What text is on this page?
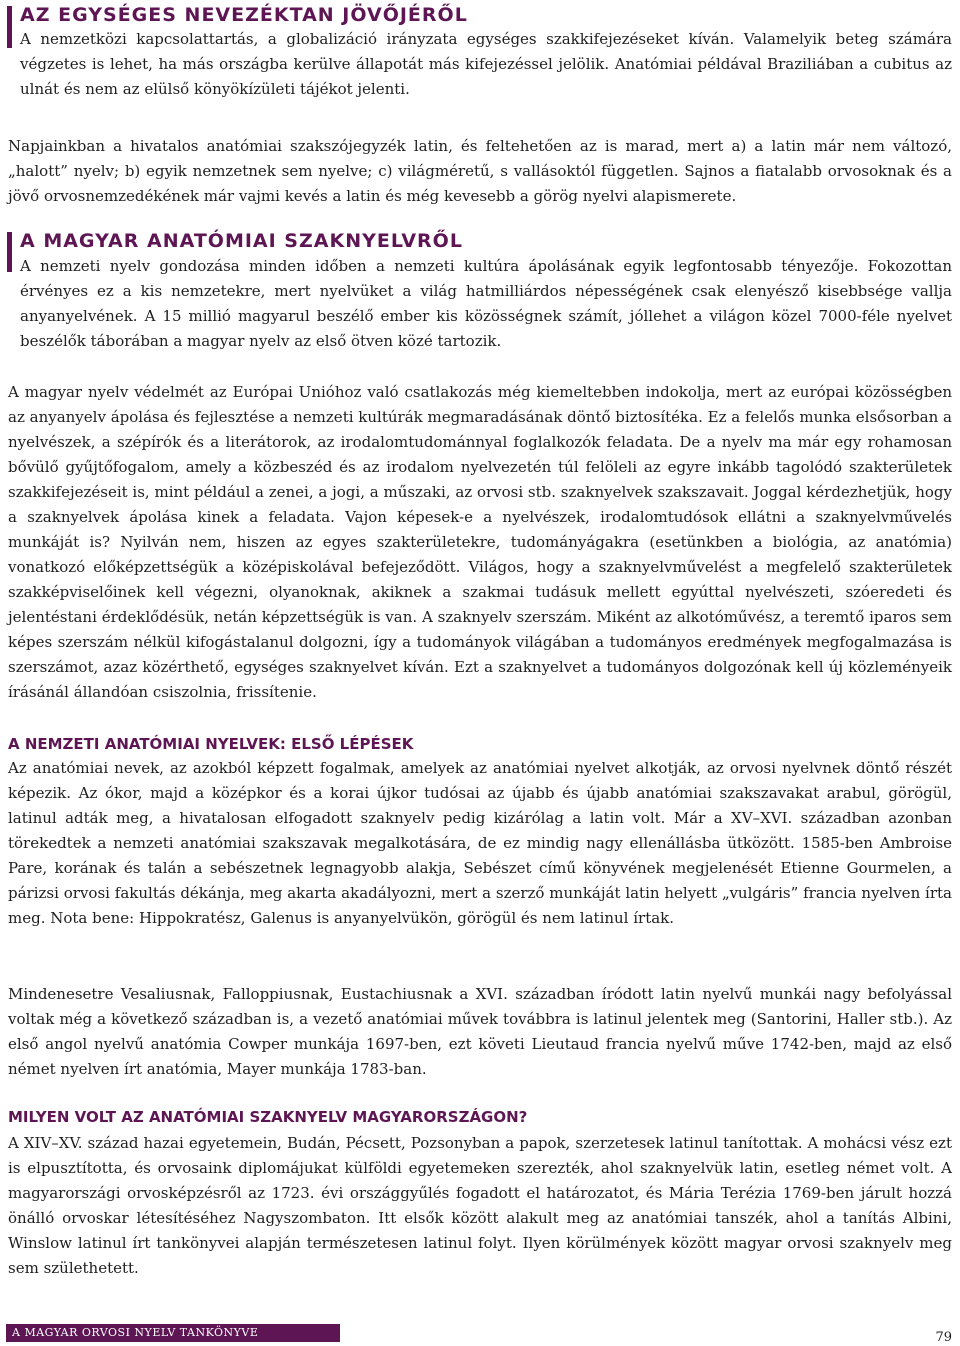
AZ EGYSÉGES NEVEZÉKTAN JÖVŐJÉRŐL

A nemzetközi kapcsolattartás, a globalizáció irányzata egységes szakkifejezéseket kíván. Valamelyik beteg számára végzetes is lehet, ha más országba kerülve állapotát más kifejezéssel jelölik. Anatómiai példával Braziliában a cubitus az ulnát és nem az elülső könyökízületi tájékot jelenti.

Napjainkban a hivatalos anatómiai szakszójegyzék latin, és feltehetően az is marad, mert a) a latin már nem változó, „halott” nyelv; b) egyik nemzetnek sem nyelve; c) világméretű, s vallásoktól független. Sajnos a fiatalabb orvosoknak és a jövő orvosnemzedékének már vajmi kevés a latin és még kevesebb a görög nyelvi alapismerete.

A MAGYAR ANATÓMIAI SZAKNYELVRŐL

A nemzeti nyelv gondozása minden időben a nemzeti kultúra ápolásának egyik legfontosabb tényezője. Fokozottan érvényes ez a kis nemzetekre, mert nyelvüket a világ hatmilliárdos népességének csak elenyésző kisebbsége vallja anyanyelvének. A 15 millió magyarul beszélő ember kis közösségnek számít, jóllehet a világon közel 7000-féle nyelvet beszélők táborában a magyar nyelv az első ötven közé tartozik.

A magyar nyelv védelmét az Európai Unióhoz való csatlakozás még kiemeltebben indokolja, mert az európai közösségben az anyanyelv ápolása és fejlesztése a nemzeti kultúrák megmaradásának döntő biztosítéka. Ez a felelős munka elsősorban a nyelvészek, a szépírók és a literátorok, az irodalomtudománnyal foglalkozók feladata. De a nyelv ma már egy rohamosan bővülő gyűjtőfogalom, amely a közbeszéd és az irodalom nyelvezetén túl felöleli az egyre inkább tagolódó szakterületek szakkifejezéseit is, mint például a zenei, a jogi, a műszaki, az orvosi stb. szaknyelvek szakszavait. Joggal kérdezhetjük, hogy a szaknyelvek ápolása kinek a feladata. Vajon képesek-e a nyelvészek, irodalomtudósok ellátni a szaknyelvművelés munkáját is? Nyilván nem, hiszen az egyes szakterületekre, tudományágakra (esetünkben a biológia, az anatómia) vonatkozó előképzettségük a középiskolával befejeződött. Világos, hogy a szaknyelvművelést a megfelelő szakterületek szakképviselőinek kell végezni, olyanoknak, akiknek a szakmai tudásuk mellett egyúttal nyelvészeti, szóeredeti és jelentéstani érdeklődésük, netán képzettségük is van. A szaknyelv szerszám. Miként az alkotóművész, a teremtő iparos sem képes szerszám nélkül kifogástalanul dolgozni, így a tudományok világában a tudományos eredmények megfogalmazása is szerszámot, azaz közérthető, egységes szaknyelvet kíván. Ezt a szaknyelvet a tudományos dolgozónak kell új közleményeik írásánál állandóan csiszolnia, frissítenie.

A NEMZETI ANATÓMIAI NYELVEK: ELSŐ LÉPÉSEK

Az anatómiai nevek, az azokból képzett fogalmak, amelyek az anatómiai nyelvet alkotják, az orvosi nyelvnek döntő részét képezik. Az ókor, majd a középkor és a korai újkor tudósai az újabb és újabb anatómiai szakszavakat arabul, görögül, latinul adták meg, a hivatalosan elfogadott szaknyelv pedig kizárólag a latin volt. Már a XV–XVI. században azonban törekedtek a nemzeti anatómiai szakszavak megalkotására, de ez mindig nagy ellenállásba ütközött. 1585-ben Ambroise Pare, korának és talán a sebészetnek legnagyobb alakja, Sebészet című könyvének megjelenését Etienne Gourmelen, a párizsi orvosi fakultás dékánja, meg akarta akadályozni, mert a szerző munkáját latin helyett „vulgáris” francia nyelven írta meg. Nota bene: Hippokratész, Galenus is anyanyelvükön, görögül és nem latinul írtak.

Mindenesetre Vesaliusnak, Falloppiusnak, Eustachiusnak a XVI. században íródott latin nyelvű munkái nagy befolyással voltak még a következő században is, a vezető anatómiai művek továbbra is latinul jelentek meg (Santorini, Haller stb.). Az első angol nyelvű anatómia Cowper munkája 1697-ben, ezt követi Lieutaud francia nyelvű műve 1742-ben, majd az első német nyelven írt anatómia, Mayer munkája 1783-ban.

MILYEN VOLT AZ ANATÓMIAI SZAKNYELV MAGYARORSZÁGON?

A XIV–XV. század hazai egyetemein, Budán, Pécsett, Pozsonyban a papok, szerzetesek latinul tanítottak. A mohácsi vész ezt is elpusztította, és orvosaink diplomájukat külföldi egyetemeken szerezték, ahol szaknyelvük latin, esetleg német volt. A magyarországi orvosképzésről az 1723. évi országgyűlés fogadott el határozatot, és Mária Terézia 1769-ben járult hozzá önálló orvoskar létesítéséhez Nagyszombaton. Itt elsők között alakult meg az anatómiai tanszék, ahol a tanítás Albini, Winslow latinul írt tankönyvei alapján természetesen latinul folyt. Ilyen körülmények között magyar orvosi szaknyelv meg sem születhetett.

A MAGYAR ORVOSI NYELV TANKÖNYVE	79
